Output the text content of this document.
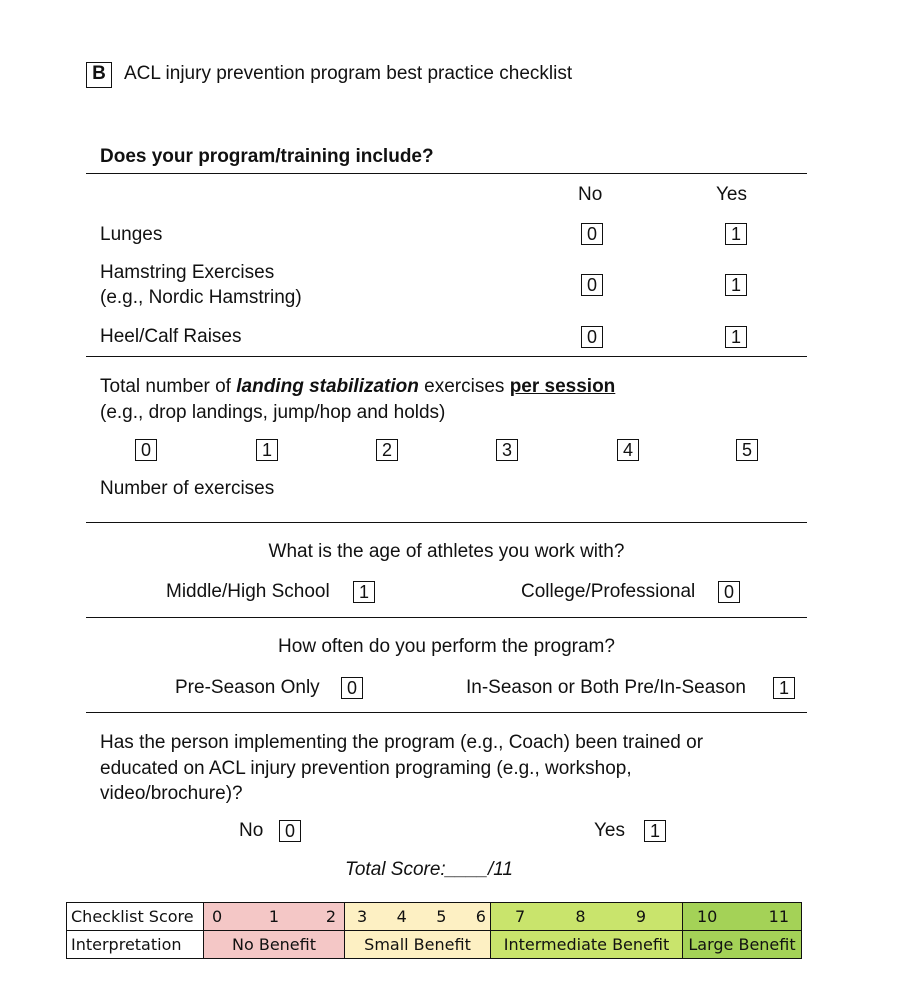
B ACL injury prevention program best practice checklist
Does your program/training include?
No	Yes
Lunges	0	1
Hamstring Exercises
(e.g., Nordic Hamstring)
0	1
Heel/Calf Raises	0	1
Total number of landing stabilization exercises per session
(e.g., drop landings, jump/hop and holds)
0	1	2	3	4	5
Number of exercises
What is the age of athletes you work with?
Middle/High School	1	College/Professional	0
How often do you perform the program?
Pre-Season Only	0	In-Season or Both Pre/In-Season	1
Has the person implementing the program (e.g., Coach) been trained or
educated on ACL injury prevention programing (e.g., workshop,
video/brochure)?
No	0	Yes	1
Total Score:____/11
Checklist Score	0 1 2	3 4 5 6	7 8 9	10 11

Interpretation	No Benefit	Small Benefit	Intermediate Benefit	Large Benefit
